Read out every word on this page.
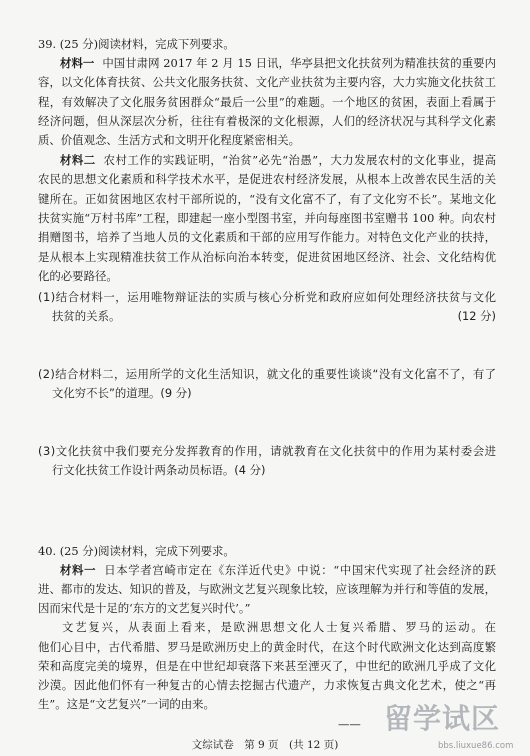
39. (25 分)阅读材料，完成下列要求。
材料一 中国甘肃网 2017 年 2 月 15 日讯，华亭县把文化扶贫列为精准扶贫的重要内
容，以文化体育扶贫、公共文化服务扶贫、文化产业扶贫为主要内容，大力实施文化扶贫工
程，有效解决了文化服务贫困群众“最后一公里”的难题。一个地区的贫困，表面上看属于
经济问题，但从深层次分析，往往有着极深的文化根源，人们的经济状况与其科学文化素
质、价值观念、生活方式和文明开化程度紧密相关。
材料二 农村工作的实践证明，“治贫”必先“治愚”，大力发展农村的文化事业，提高
农民的思想文化素质和科学技术水平，是促进农村经济发展，从根本上改善农民生活的关
键所在。正如贫困地区农村干部所说的，“没有文化富不了，有了文化穷不长”。某地文化
扶贫实施“万村书库”工程，即建起一座小型图书室，并向每座图书室赠书 100 种。向农村
捐赠图书，培养了当地人员的文化素质和干部的应用写作能力。对特色文化产业的扶持，
是从根本上实现精准扶贫工作从治标向治本转变，促进贫困地区经济、社会、文化结构优
化的必要路径。
(1)结合材料一，运用唯物辩证法的实质与核心分析党和政府应如何处理经济扶贫与文化
扶贫的关系。	(12 分)
(2)结合材料二，运用所学的文化生活知识，就文化的重要性谈谈“没有文化富不了，有了
文化穷不长”的道理。(9 分)
(3)文化扶贫中我们要充分发挥教育的作用，请就教育在文化扶贫中的作用为某村委会进
行文化扶贫工作设计两条动员标语。(4 分)
40. (25 分)阅读材料，完成下列要求。
材料一 日本学者宫崎市定在《东洋近代史》中说：“中国宋代实现了社会经济的跃
进、都市的发达、知识的普及，与欧洲文艺复兴现象比较，应该理解为并行和等值的发展，
因而宋代是十足的‘东方的文艺复兴时代’。”
文艺复兴，从表面上看来，是欧洲思想文化人士复兴希腊、罗马的运动。在
他们心目中，古代希腊、罗马是欧洲历史上的黄金时代，在这个时代欧洲文化达到高度繁
荣和高度完美的境界，但是在中世纪却衰落下来甚至湮灭了，中世纪的欧洲几乎成了文化
沙漠。因此他们怀有一种复古的心情去挖掘古代遗产，力求恢复古典文化艺术，使之“再
生”。这是“文艺复兴”一词的由来。
—— 留学试区
bbs.liuxue86.com
文综试卷　第 9 页　(共 12 页)
